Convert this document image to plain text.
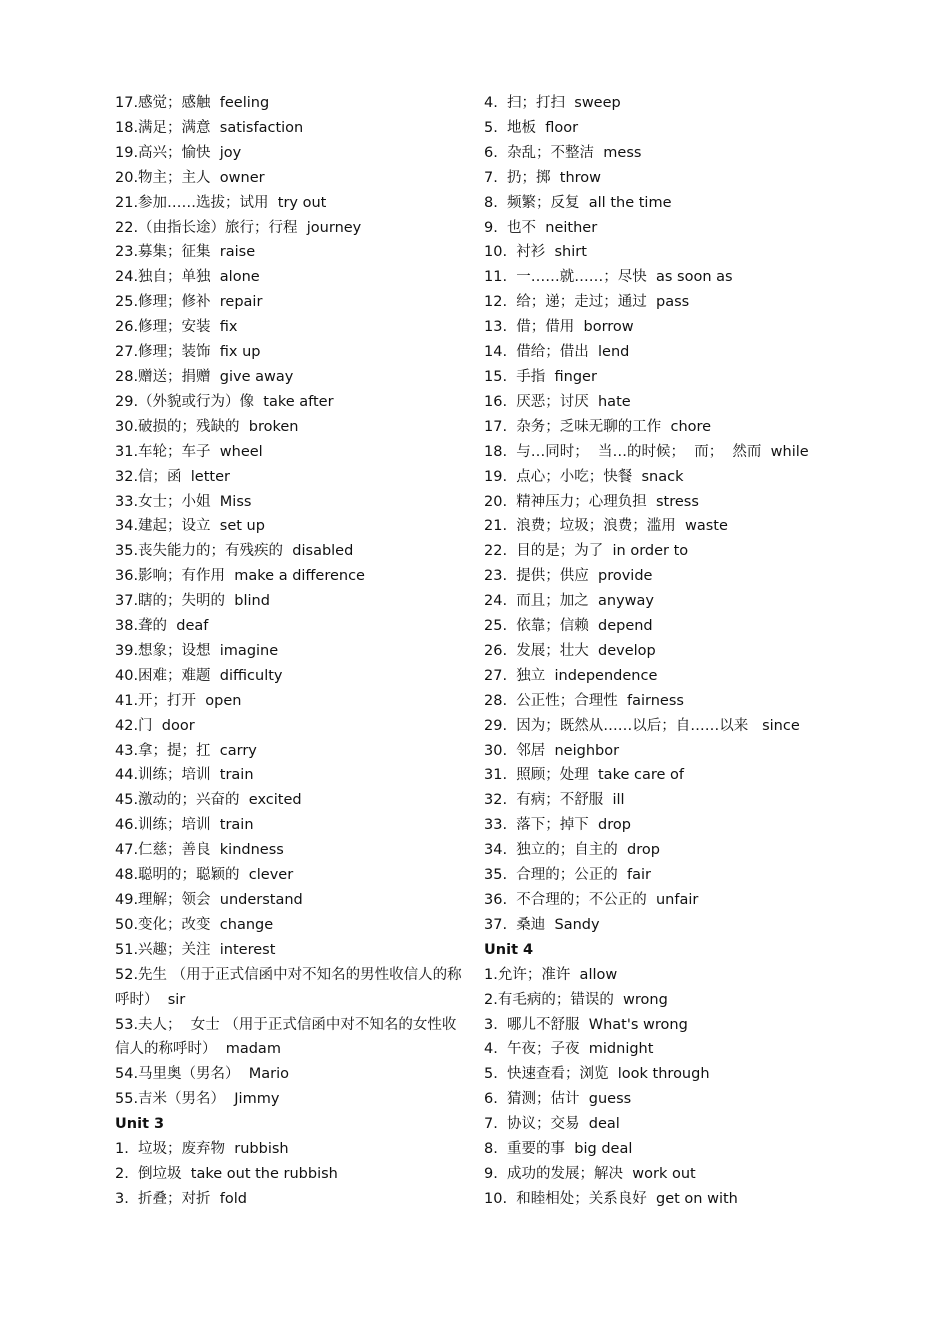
17.感觉；感触  feeling
18.满足；满意  satisfaction
19.高兴；愉快  joy
20.物主；主人  owner
21.参加……选拔；试用  try out
22.（由指长途）旅行；行程  journey
23.募集；征集  raise
24.独自；单独  alone
25.修理；修补  repair
26.修理；安装  fix
27.修理；装饰  fix up
28.赠送；捐赠  give away
29.（外貌或行为）像  take after
30.破损的；残缺的  broken
31.车轮；车子  wheel
32.信；函  letter
33.女士；小姐  Miss
34.建起；设立  set up
35.丧失能力的；有残疾的  disabled
36.影响；有作用  make a difference
37.瞎的；失明的  blind
38.聋的  deaf
39.想象；设想  imagine
40.困难；难题  difficulty
41.开；打开  open
42.门  door
43.拿；提；扛  carry
44.训练；培训  train
45.激动的；兴奋的  excited
46.训练；培训  train
47.仁慈；善良  kindness
48.聪明的；聪颖的  clever
49.理解；领会  understand
50.变化；改变  change
51.兴趣；关注  interest
52.先生 （用于正式信函中对不知名的男性收信人的称呼时）  sir
53.夫人；  女士 （用于正式信函中对不知名的女性收信人的称呼时）  madam
54.马里奥（男名）  Mario
55.吉米（男名）  Jimmy
Unit 3
1.  垃圾；废弃物  rubbish
2.  倒垃圾  take out the rubbish
3.  折叠；对折  fold
4.  扫；打扫  sweep
5.  地板  floor
6.  杂乱；不整洁  mess
7.  扔；掷  throw
8.  频繁；反复  all the time
9.  也不  neither
10.  衬衫  shirt
11.  一……就……；尽快  as soon as
12.  给；递；走过；通过  pass
13.  借；借用  borrow
14.  借给；借出  lend
15.  手指  finger
16.  厌恶；讨厌  hate
17.  杂务；乏味无聊的工作  chore
18.  与…同时；  当…的时候；  而；  然而  while
19.  点心；小吃；快餐  snack
20.  精神压力；心理负担  stress
21.  浪费；垃圾；浪费；滥用  waste
22.  目的是；为了  in order to
23.  提供；供应  provide
24.  而且；加之  anyway
25.  依靠；信赖  depend
26.  发展；壮大  develop
27.  独立  independence
28.  公正性；合理性  fairness
29.  因为；既然从……以后；自……以来   since
30.  邻居  neighbor
31.  照顾；处理  take care of
32.  有病；不舒服  ill
33.  落下；掉下  drop
34.  独立的；自主的  drop
35.  合理的；公正的  fair
36.  不合理的；不公正的  unfair
37.  桑迪  Sandy
Unit 4
1.允许；准许  allow
2.有毛病的；错误的  wrong
3.  哪儿不舒服  What's wrong
4.  午夜；子夜  midnight
5.  快速查看；浏览  look through
6.  猜测；估计  guess
7.  协议；交易  deal
8.  重要的事  big deal
9.  成功的发展；解决  work out
10.  和睦相处；关系良好  get on with
